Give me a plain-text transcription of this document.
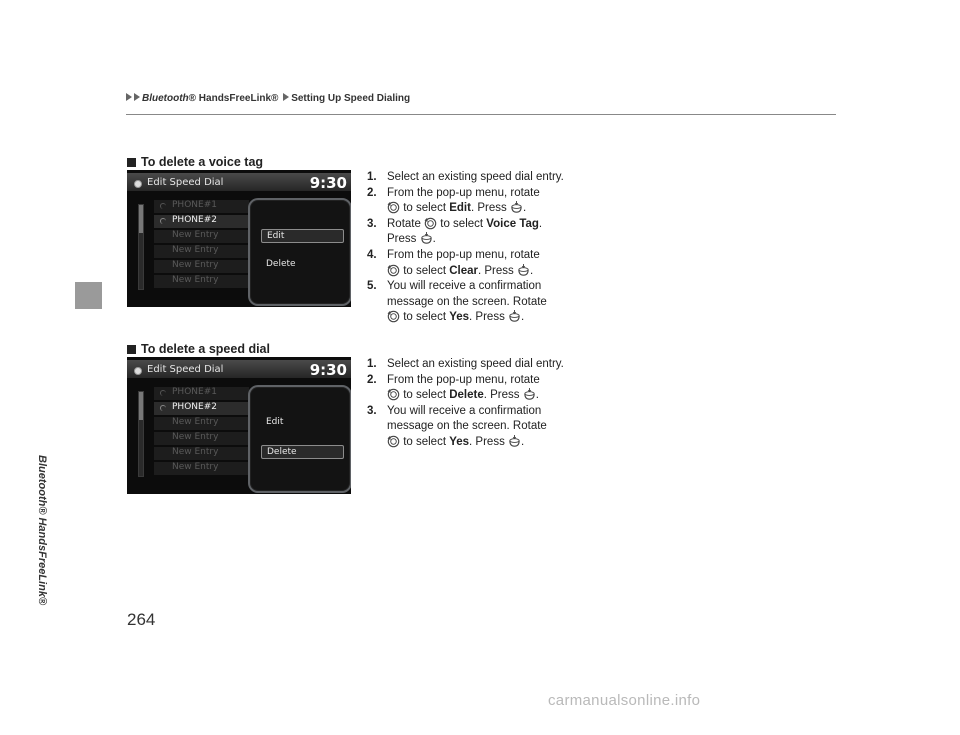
Bluetooth® HandsFreeLink®
Bluetooth® HandsFreeLink® Setting Up Speed Dialing
To delete a voice tag
Edit Speed Dial	9:30
PHONE#1
PHONE#2
New Entry
New Entry
New Entry
New Entry
Edit
Delete
1. Select an existing speed dial entry.
2. From the pop-up menu, rotate
to select Edit. Press .
3. Rotate  to select Voice Tag.
Press .
4. From the pop-up menu, rotate
to select Clear. Press .
5. You will receive a confirmation
message on the screen. Rotate
to select Yes. Press .
To delete a speed dial
Edit Speed Dial	9:30
PHONE#1
PHONE#2
New Entry
New Entry
New Entry
New Entry
Edit
Delete
1. Select an existing speed dial entry.
2. From the pop-up menu, rotate
to select Delete. Press .
3. You will receive a confirmation
message on the screen. Rotate
to select Yes. Press .
264
carmanualsonline.info
